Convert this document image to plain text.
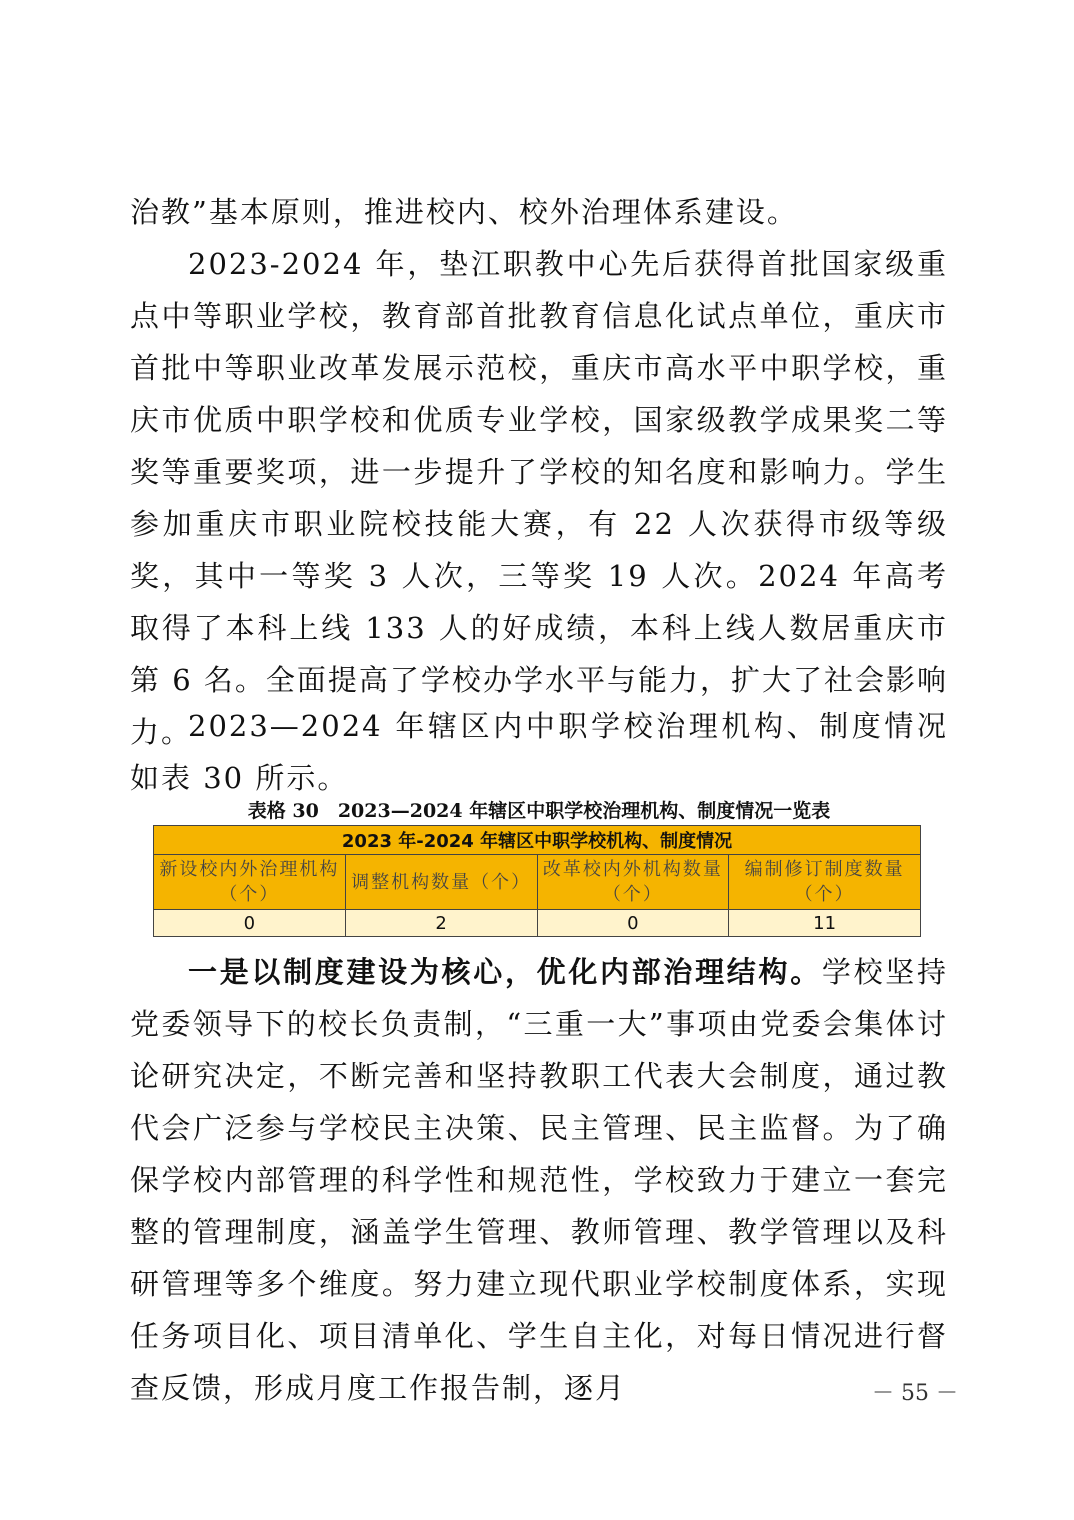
治教”基本原则，推进校内、校外治理体系建设。

2023-2024 年，垫江职教中心先后获得首批国家级重点中等职业学校，教育部首批教育信息化试点单位，重庆市首批中等职业改革发展示范校，重庆市高水平中职学校，重庆市优质中职学校和优质专业学校，国家级教学成果奖二等奖等重要奖项，进一步提升了学校的知名度和影响力。学生参加重庆市职业院校技能大赛，有 22 人次获得市级等级奖，其中一等奖 3 人次，三等奖 19 人次。2024 年高考取得了本科上线 133 人的好成绩，本科上线人数居重庆市第 6 名。全面提高了学校办学水平与能力，扩大了社会影响力。

2023—2024 年辖区内中职学校治理机构、制度情况如表 30 所示。

表格 30　2023—2024 年辖区中职学校治理机构、制度情况一览表
2023 年-2024 年辖区中职学校机构、制度情况			
新设校内外治理机构（个）	调整机构数量（个）	改革校内外机构数量（个）	编制修订制度数量（个）
0	2	0	11

一是以制度建设为核心，优化内部治理结构。学校坚持党委领导下的校长负责制，“三重一大”事项由党委会集体讨论研究决定，不断完善和坚持教职工代表大会制度，通过教代会广泛参与学校民主决策、民主管理、民主监督。为了确保学校内部管理的科学性和规范性，学校致力于建立一套完整的管理制度，涵盖学生管理、教师管理、教学管理以及科研管理等多个维度。努力建立现代职业学校制度体系，实现任务项目化、项目清单化、学生自主化，对每日情况进行督查反馈，形成月度工作报告制，逐月	－ 55 －
